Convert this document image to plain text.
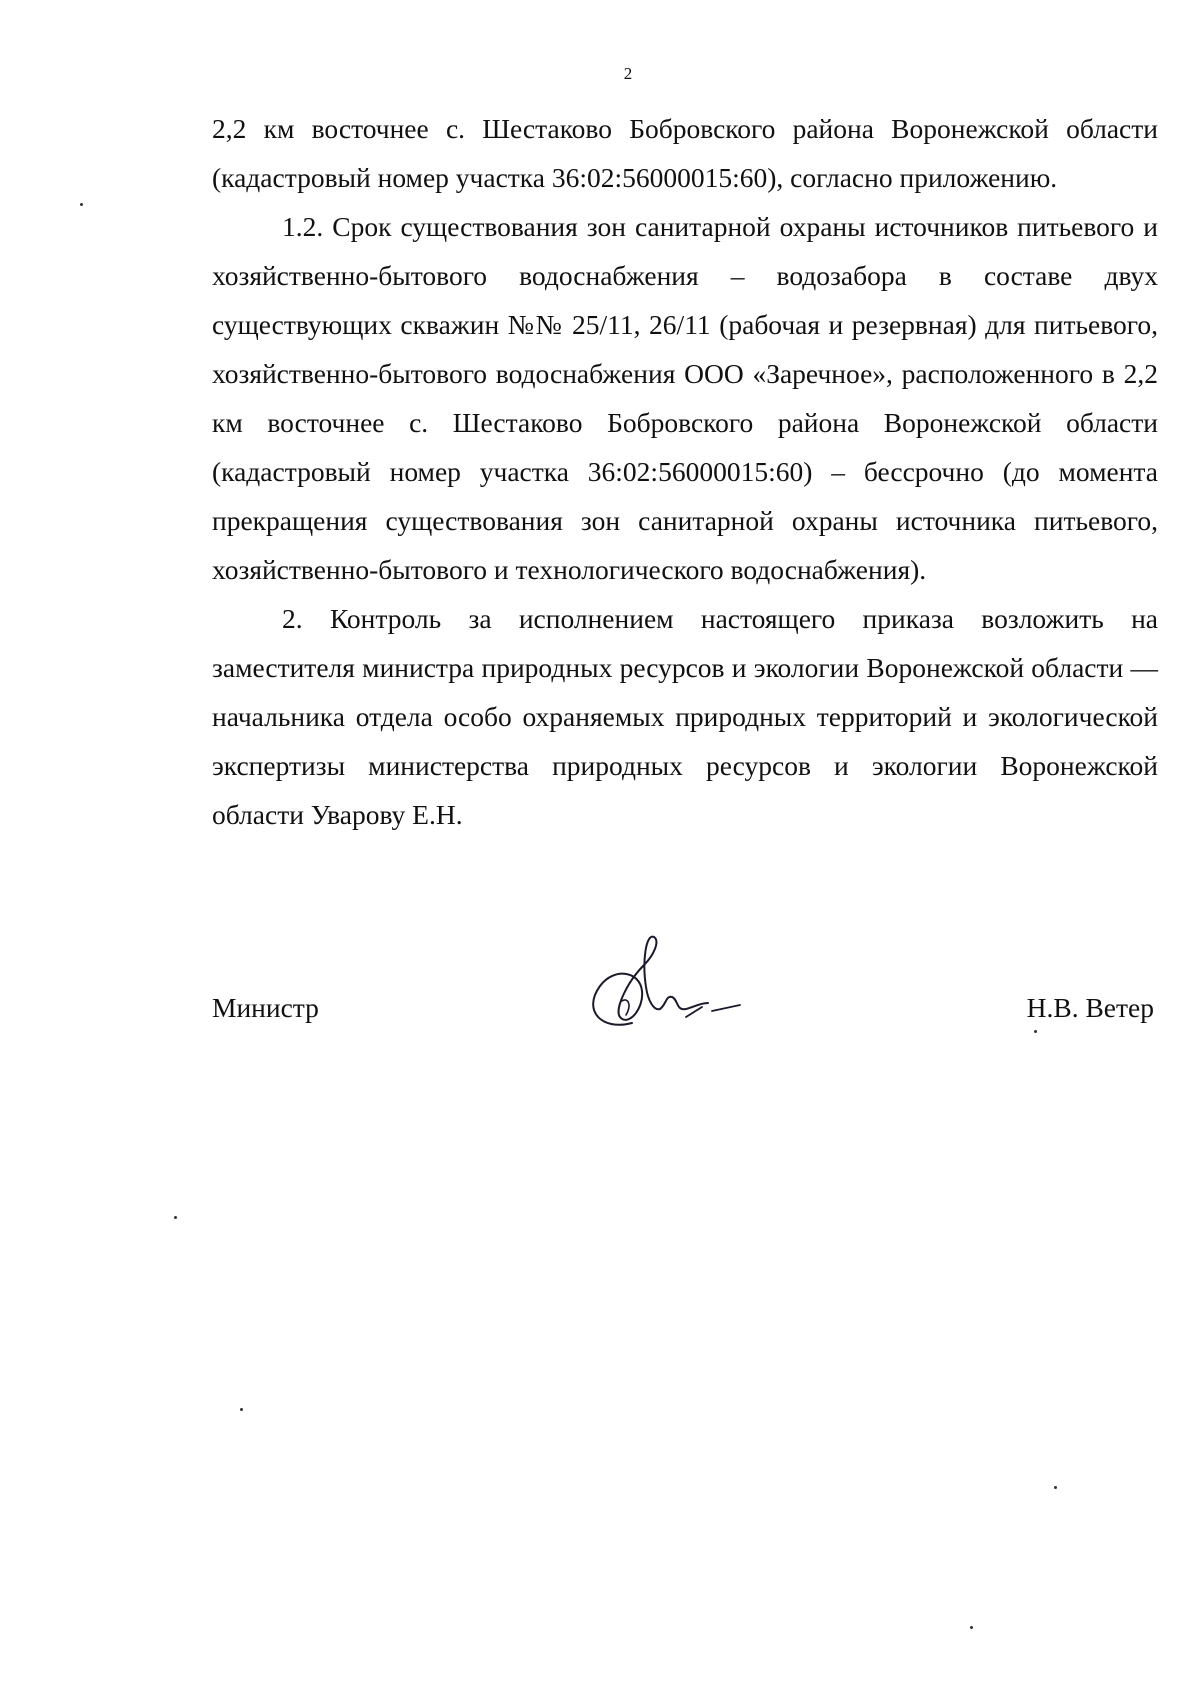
2

2,2 км восточнее с. Шестаково Бобровского района Воронежской области (кадастровый номер участка 36:02:56000015:60), согласно приложению.

1.2. Срок существования зон санитарной охраны источников питьевого и хозяйственно-бытового водоснабжения – водозабора в составе двух существующих скважин №№ 25/11, 26/11 (рабочая и резервная) для питьевого, хозяйственно-бытового водоснабжения ООО «Заречное», расположенного в 2,2 км восточнее с. Шестаково Бобровского района Воронежской области (кадастровый номер участка 36:02:56000015:60) – бессрочно (до момента прекращения существования зон санитарной охраны источника питьевого, хозяйственно-бытового и технологического водоснабжения).

2. Контроль за исполнением настоящего приказа возложить на заместителя министра природных ресурсов и экологии Воронежской области — начальника отдела особо охраняемых природных территорий и экологической экспертизы министерства природных ресурсов и экологии Воронежской области Уварову Е.Н.

Министр	Н.В. Ветер
